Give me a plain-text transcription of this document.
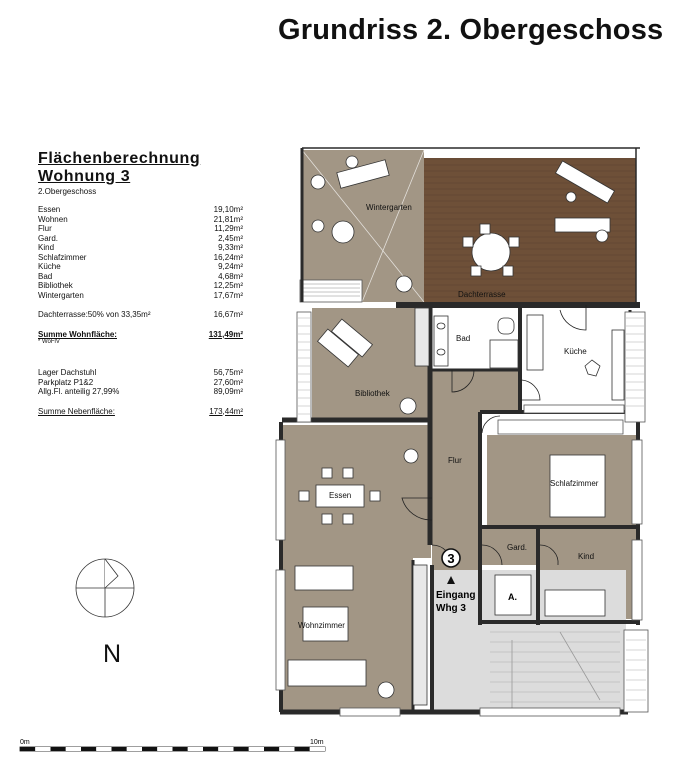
Grundriss 2. Obergeschoss
Flächenberechnung
Wohnung 3
2.Obergeschoss
Essen	19,10m²
Wohnen	21,81m²
Flur	11,29m²
Gard.	2,45m²
Kind	9,33m²
Schlafzimmer	16,24m²
Küche	9,24m²
Bad	4,68m²
Bibliothek	12,25m²
Wintergarten	17,67m²
Dachterrasse:50% von 33,35m²	16,67m²
Summe Wohnfläche:	131,49m²
* WoFlV
Lager Dachstuhl	56,75m²
Parkplatz P1&2	27,60m²
Allg.Fl. anteilig 27,99%	89,09m²
Summe Nebenfläche:	173,44m²
Wintergarten
Dachterrasse
Bad
Küche
Bibliothek
Flur
Schlafzimmer
Essen
Gard.
Kind
Wohnzimmer
3
Eingang
Whg 3
A.
0m	10m
N
